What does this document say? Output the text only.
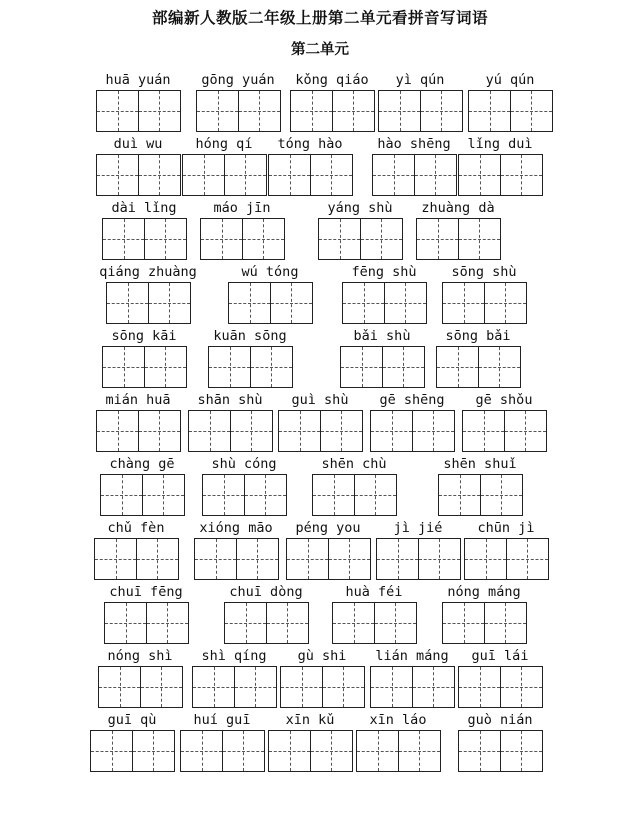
部编新人教版二年级上册第二单元看拼音写词语
第二单元
huā yuán	gōng yuán	kǒng qiáo	yì qún	yú qún
duì wu	hóng qí	tóng hào	hào shēng	lǐng duì
dài lǐng	máo jīn	yáng shù	zhuàng dà
qiáng zhuàng	wú tóng	fēng shù	sōng shù
sōng kāi	kuān sōng	bǎi shù	sōng bǎi
mián huā	shān shù	guì shù	gē shēng	gē shǒu
chàng gē	shù cóng	shēn chù	shēn shuǐ
chǔ fèn	xióng māo	péng you	jì jié	chūn jì
chuī fēng	chuī dòng	huà féi	nóng máng
nóng shì	shì qíng	gù shi	lián máng	guī lái
guī qù	huí guī	xīn kǔ	xīn láo	guò nián
